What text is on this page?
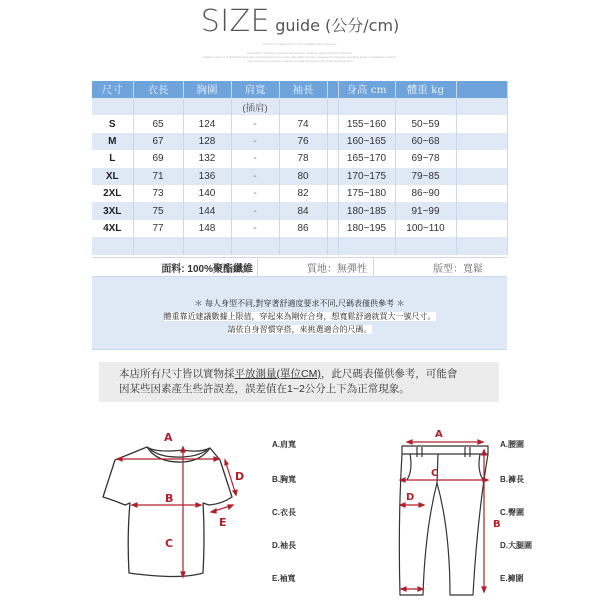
SIZE guide (公分/cm)
Fashion is a general term for a popular style or practice,
especially in clothing, footwear, accessories, makeup, body piercing or furniture.
Fashion refers to a distinctive and often habitual trend in the style with which a person dresses as well as to prevailing styles in behaviour. Fashion
also refers to the newest creations of textile designers. The more technical term
尺寸	衣長	胸圍	肩寬	袖長		身高 cm	體重 kg	
			(插肩)					
S	65	124	-	74		155~160	50~59	
M	67	128	-	76		160~165	60~68	
L	69	132	-	78		165~170	69~78	
XL	71	136	-	80		170~175	79~85	
2XL	73	140	-	82		175~180	86~90	
3XL	75	144	-	84		180~185	91~99	
4XL	77	148	-	86		180~195	100~110	

面料: 100%聚酯纖維	質地：無彈性	版型：寬鬆

＊ 每人身型不同,對穿著舒適度要求不同,尺碼表僅供參考 ＊

體重靠近建議數據上限值，穿起來為剛好合身，想寬鬆舒適就買大一號尺寸。

請依自身習慣穿搭，來挑選適合的尺碼。

本店所有尺寸皆以實物採平放測量(單位CM)，此尺碼表僅供參考，可能會
因某些因素產生些許誤差，誤差值在1~2公分上下為正常現象。
A
B
C
D
E
A.肩寬
B.胸寬
C.衣長
D.袖長
E.袖寬
A
C
D
B
A.腰圍
B.褲長
C.臀圍
D.大腿圍
E.褲圍
